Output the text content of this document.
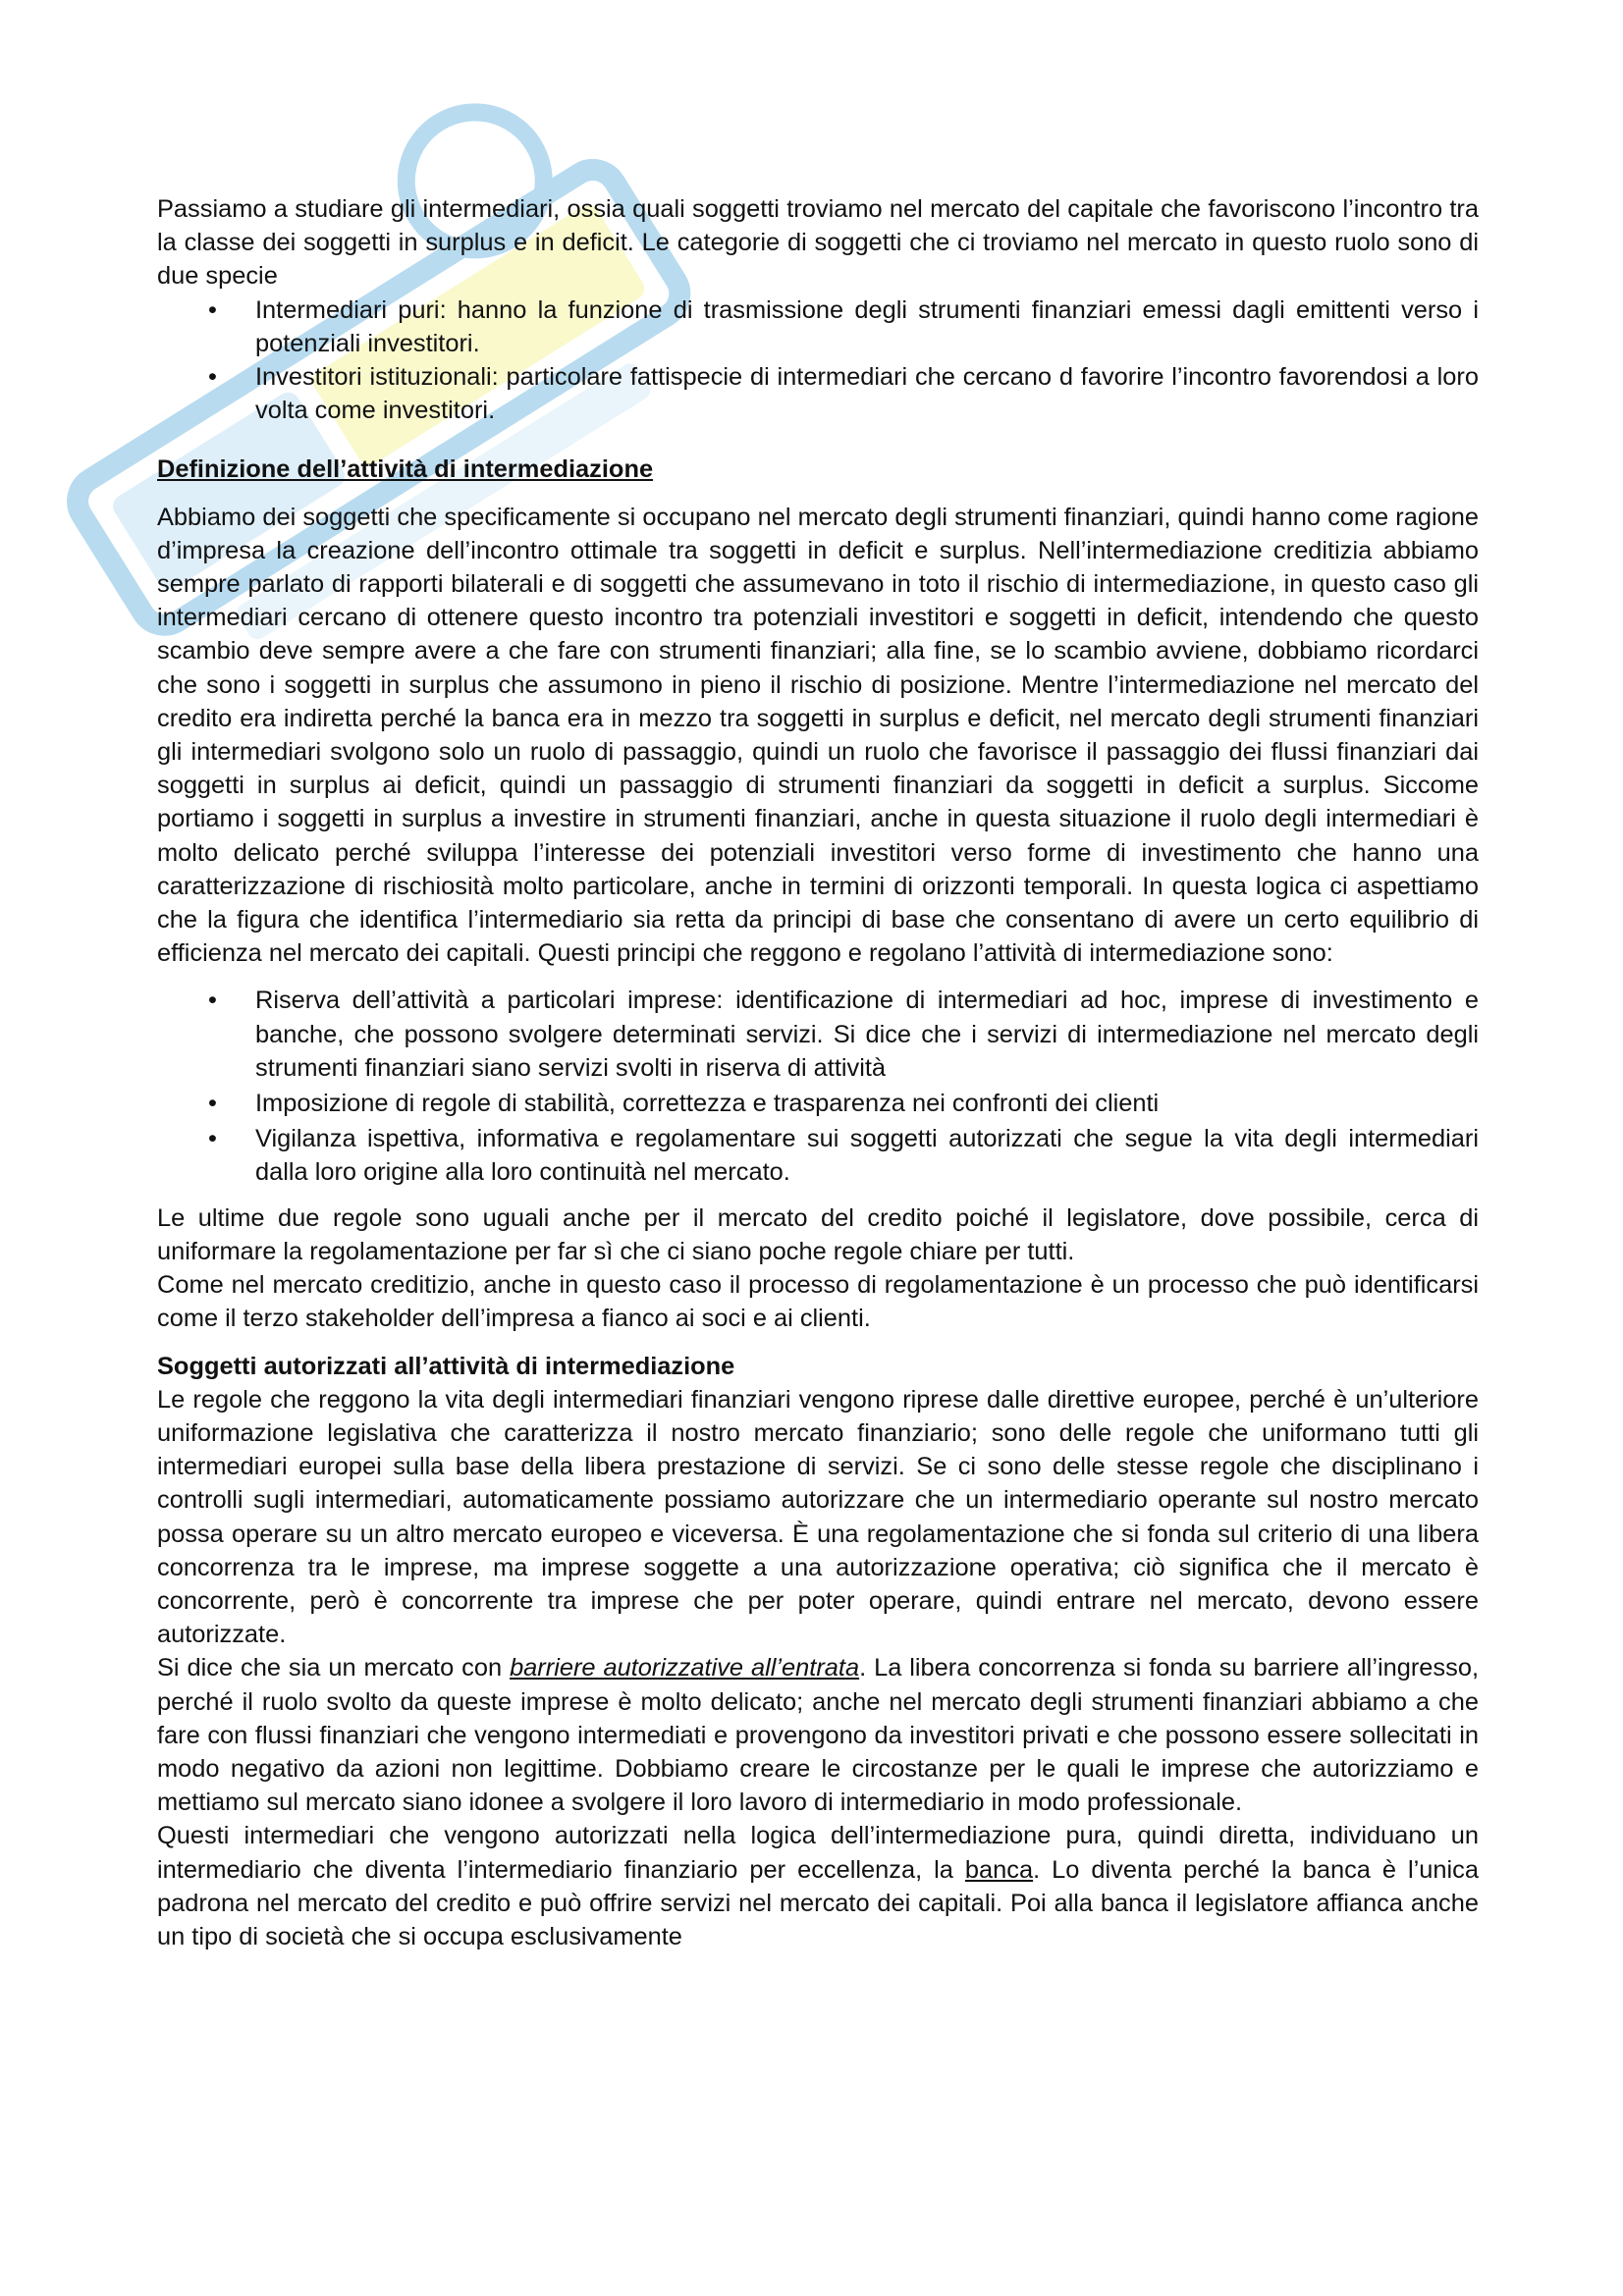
Passiamo a studiare gli intermediari, ossia quali soggetti troviamo nel mercato del capitale che favoriscono l’incontro tra la classe dei soggetti in surplus e in deficit. Le categorie di soggetti che ci troviamo nel mercato in questo ruolo sono di due specie

• Intermediari puri: hanno la funzione di trasmissione degli strumenti finanziari emessi dagli emittenti verso i potenziali investitori.
• Investitori istituzionali: particolare fattispecie di intermediari che cercano d favorire l’incontro favorendosi a loro volta come investitori.

Definizione dell’attività di intermediazione

Abbiamo dei soggetti che specificamente si occupano nel mercato degli strumenti finanziari, quindi hanno come ragione d’impresa la creazione dell’incontro ottimale tra soggetti in deficit e surplus. Nell’intermediazione creditizia abbiamo sempre parlato di rapporti bilaterali e di soggetti che assumevano in toto il rischio di intermediazione, in questo caso gli intermediari cercano di ottenere questo incontro tra potenziali investitori e soggetti in deficit, intendendo che questo scambio deve sempre avere a che fare con strumenti finanziari; alla fine, se lo scambio avviene, dobbiamo ricordarci che sono i soggetti in surplus che assumono in pieno il rischio di posizione. Mentre l’intermediazione nel mercato del credito era indiretta perché la banca era in mezzo tra soggetti in surplus e deficit, nel mercato degli strumenti finanziari gli intermediari svolgono solo un ruolo di passaggio, quindi un ruolo che favorisce il passaggio dei flussi finanziari dai soggetti in surplus ai deficit, quindi un passaggio di strumenti finanziari da soggetti in deficit a surplus. Siccome portiamo i soggetti in surplus a investire in strumenti finanziari, anche in questa situazione il ruolo degli intermediari è molto delicato perché sviluppa l’interesse dei potenziali investitori verso forme di investimento che hanno una caratterizzazione di rischiosità molto particolare, anche in termini di orizzonti temporali. In questa logica ci aspettiamo che la figura che identifica l’intermediario sia retta da principi di base che consentano di avere un certo equilibrio di efficienza nel mercato dei capitali. Questi principi che reggono e regolano l’attività di intermediazione sono:

• Riserva dell’attività a particolari imprese: identificazione di intermediari ad hoc, imprese di investimento e banche, che possono svolgere determinati servizi. Si dice che i servizi di intermediazione nel mercato degli strumenti finanziari siano servizi svolti in riserva di attività
• Imposizione di regole di stabilità, correttezza e trasparenza nei confronti dei clienti
• Vigilanza ispettiva, informativa e regolamentare sui soggetti autorizzati che segue la vita degli intermediari dalla loro origine alla loro continuità nel mercato.

Le ultime due regole sono uguali anche per il mercato del credito poiché il legislatore, dove possibile, cerca di uniformare la regolamentazione per far sì che ci siano poche regole chiare per tutti.

Come nel mercato creditizio, anche in questo caso il processo di regolamentazione è un processo che può identificarsi come il terzo stakeholder dell’impresa a fianco ai soci e ai clienti.

Soggetti autorizzati all’attività di intermediazione

Le regole che reggono la vita degli intermediari finanziari vengono riprese dalle direttive europee, perché è un’ulteriore uniformazione legislativa che caratterizza il nostro mercato finanziario; sono delle regole che uniformano tutti gli intermediari europei sulla base della libera prestazione di servizi. Se ci sono delle stesse regole che disciplinano i controlli sugli intermediari, automaticamente possiamo autorizzare che un intermediario operante sul nostro mercato possa operare su un altro mercato europeo e viceversa. È una regolamentazione che si fonda sul criterio di una libera concorrenza tra le imprese, ma imprese soggette a una autorizzazione operativa; ciò significa che il mercato è concorrente, però è concorrente tra imprese che per poter operare, quindi entrare nel mercato, devono essere autorizzate.

Si dice che sia un mercato con barriere autorizzative all’entrata. La libera concorrenza si fonda su barriere all’ingresso, perché il ruolo svolto da queste imprese è molto delicato; anche nel mercato degli strumenti finanziari abbiamo a che fare con flussi finanziari che vengono intermediati e provengono da investitori privati e che possono essere sollecitati in modo negativo da azioni non legittime. Dobbiamo creare le circostanze per le quali le imprese che autorizziamo e mettiamo sul mercato siano idonee a svolgere il loro lavoro di intermediario in modo professionale.

Questi intermediari che vengono autorizzati nella logica dell’intermediazione pura, quindi diretta, individuano un intermediario che diventa l’intermediario finanziario per eccellenza, la banca. Lo diventa perché la banca è l’unica padrona nel mercato del credito e può offrire servizi nel mercato dei capitali. Poi alla banca il legislatore affianca anche un tipo di società che si occupa esclusivamente
